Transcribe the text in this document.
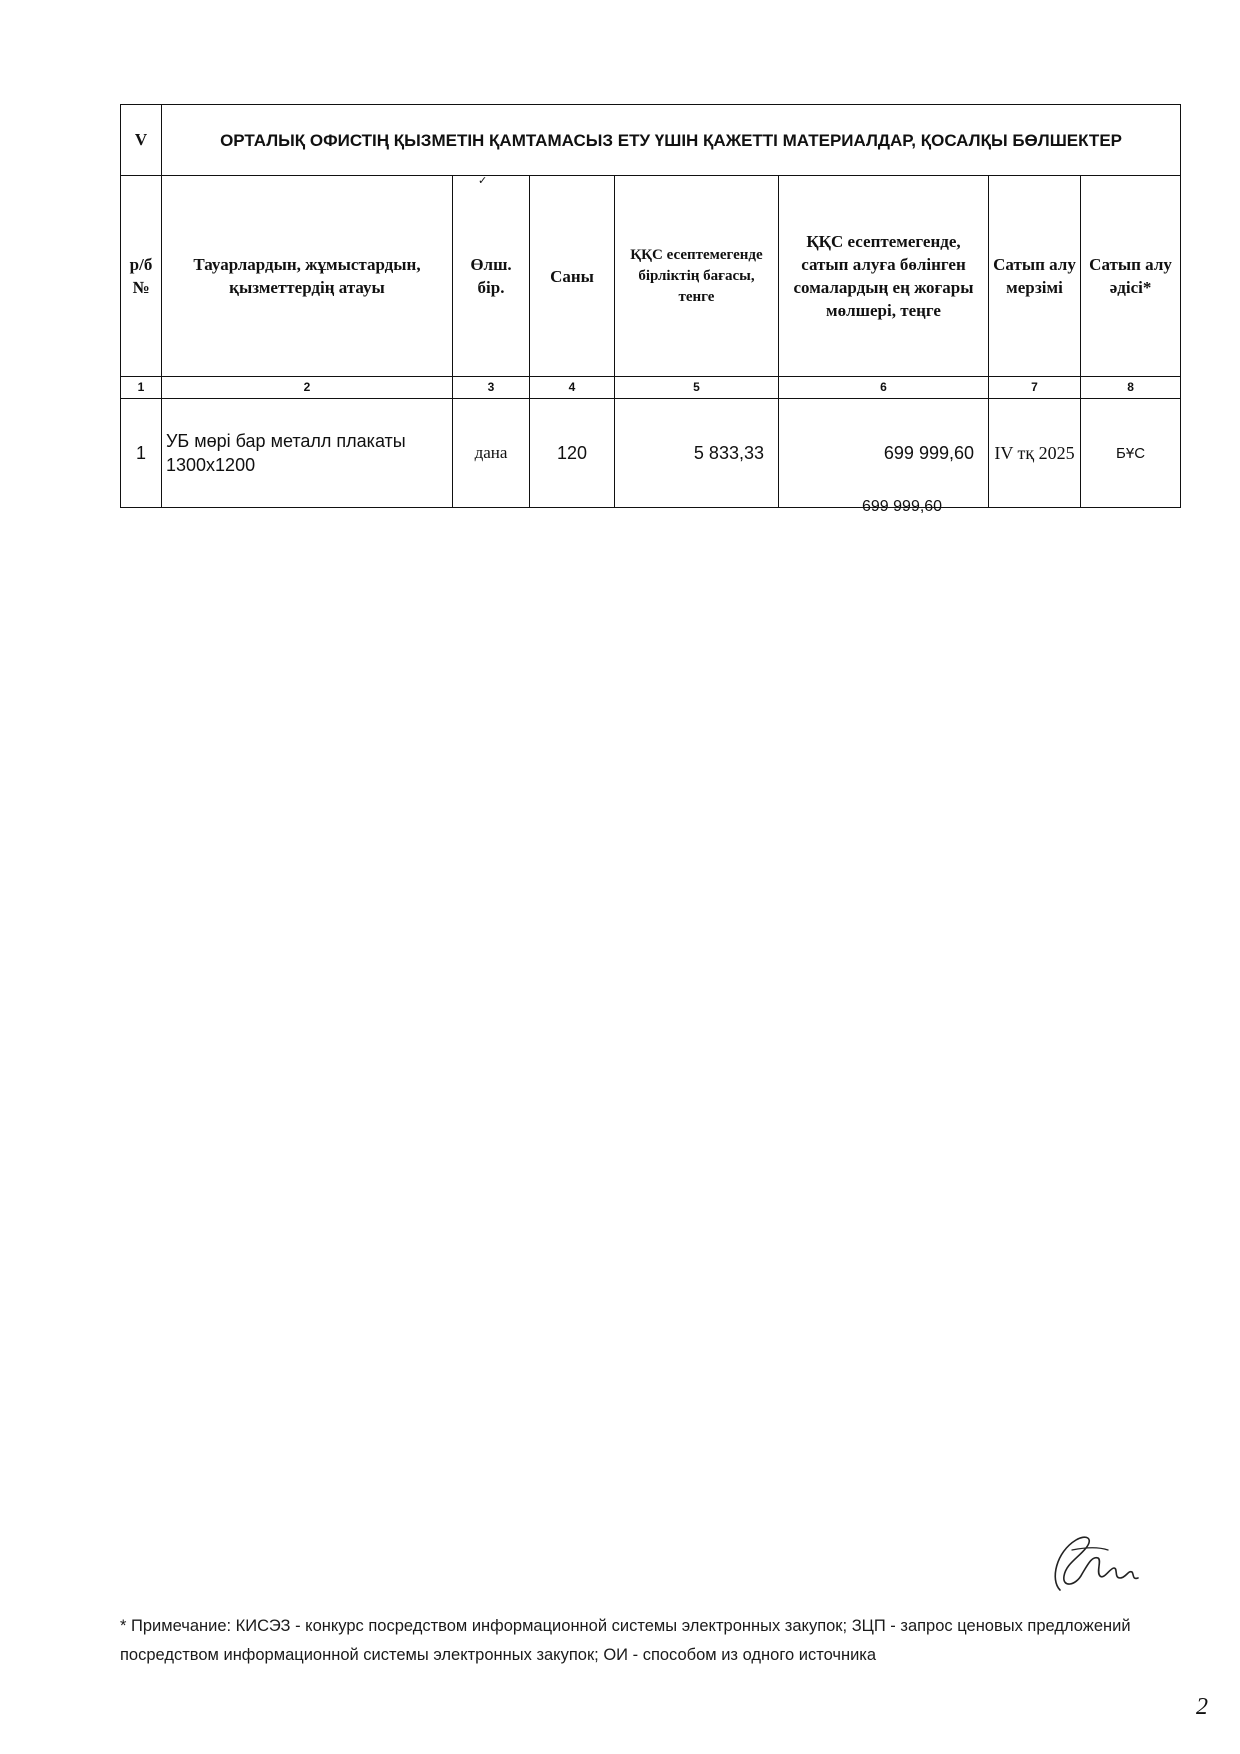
V	ОРТАЛЫҚ ОФИСТІҢ ҚЫЗМЕТІН ҚАМТАМАСЫЗ ЕТУ ҮШІН ҚАЖЕТТІ МАТЕРИАЛДАР, ҚОСАЛҚЫ БӨЛШЕКТЕР						
р/б №	Тауарлардын, жұмыстардын, қызметтердің атауы	Өлш. бір.	Саны	ҚҚС есептемегенде бірліктің бағасы, тенге	ҚҚС есептемегенде, сатып алуға бөлінген сомалардың ең жоғары мөлшері, теңге	Сатып алу мерзімі	Сатып алу әдісі*
1	2	3	4	5	6	7	8
1	УБ мөрі бар металл плакаты 1300х1200	дана	120	5 833,33	699 999,60	IV тқ 2025	БҰС
✓
699 999,60
* Примечание: КИСЭЗ - конкурс посредством информационной системы электронных закупок; ЗЦП - запрос ценовых предложений посредством информационной системы электронных закупок; ОИ - способом из одного источника
2
